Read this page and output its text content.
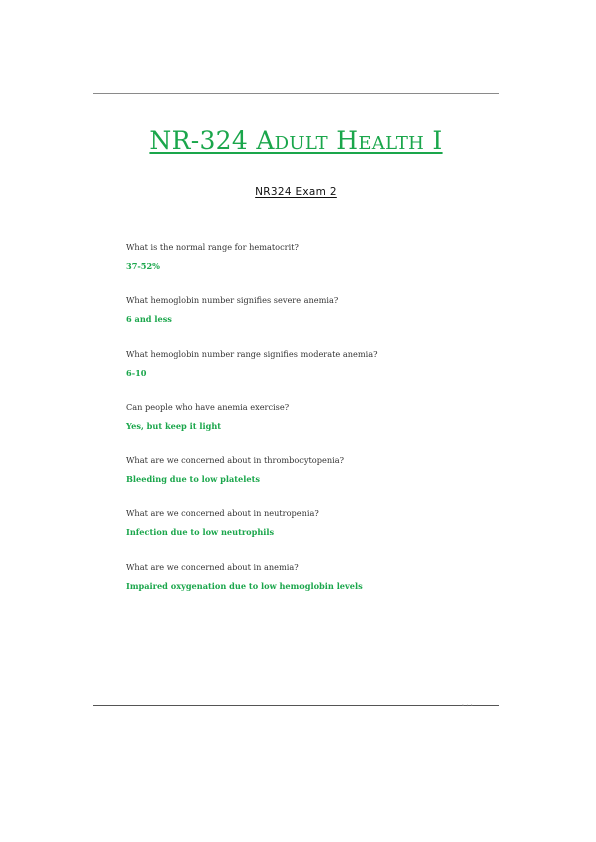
NR-324 Adult Health I
NR324 Exam 2
What is the normal range for hematocrit?
37-52%
What hemoglobin number signifies severe anemia?
6 and less
What hemoglobin number range signifies moderate anemia?
6-10
Can people who have anemia exercise?
Yes, but keep it light
What are we concerned about in thrombocytopenia?
Bleeding due to low platelets
What are we concerned about in neutropenia?
Infection due to low neutrophils
What are we concerned about in anemia?
Impaired oxygenation due to low hemoglobin levels
1 / 1
